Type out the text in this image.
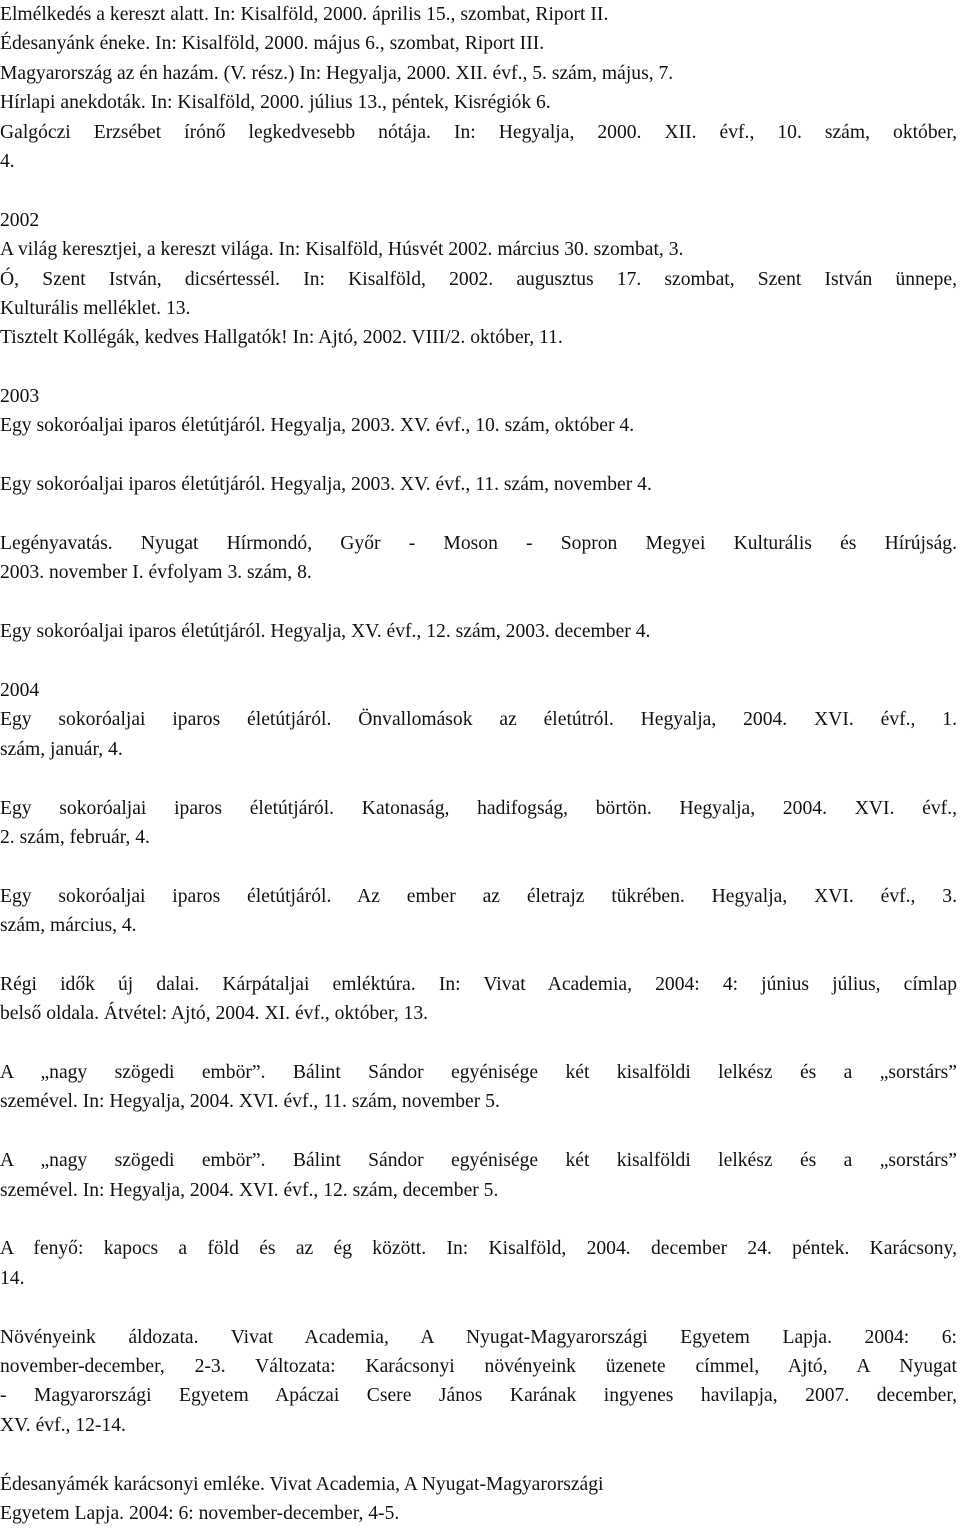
Elmélkedés a kereszt alatt. In: Kisalföld, 2000. április 15., szombat, Riport II.
Édesanyánk éneke. In: Kisalföld, 2000. május 6., szombat, Riport III.
Magyarország az én hazám. (V. rész.) In: Hegyalja, 2000. XII. évf., 5. szám, május, 7.
Hírlapi anekdoták. In: Kisalföld, 2000. július 13., péntek, Kisrégiók 6.
Galgóczi Erzsébet írónő legkedvesebb nótája. In: Hegyalja, 2000. XII. évf., 10. szám, október,
4.
2002
A világ keresztjei, a kereszt világa. In: Kisalföld, Húsvét 2002. március 30. szombat, 3.
Ó, Szent István, dicsértessél. In: Kisalföld, 2002. augusztus 17. szombat, Szent István ünnepe,
Kulturális melléklet. 13.
Tisztelt Kollégák, kedves Hallgatók! In: Ajtó, 2002. VIII/2. október, 11.
2003
Egy sokoróaljai iparos életútjáról. Hegyalja, 2003. XV. évf., 10. szám, október 4.
Egy sokoróaljai iparos életútjáról. Hegyalja, 2003. XV. évf., 11. szám, november 4.
Legényavatás. Nyugat Hírmondó, Győr - Moson - Sopron Megyei Kulturális és Hírújság.
2003. november I. évfolyam 3. szám, 8.
Egy sokoróaljai iparos életútjáról. Hegyalja, XV. évf., 12. szám, 2003. december 4.
2004
Egy sokoróaljai iparos életútjáról. Önvallomások az életútról. Hegyalja, 2004. XVI. évf., 1.
szám, január, 4.
Egy sokoróaljai iparos életútjáról. Katonaság, hadifogság, börtön. Hegyalja, 2004. XVI. évf.,
2. szám, február, 4.
Egy sokoróaljai iparos életútjáról. Az ember az életrajz tükrében. Hegyalja, XVI. évf., 3.
szám, március, 4.
Régi idők új dalai. Kárpátaljai emléktúra. In: Vivat Academia, 2004: 4: június július, címlap
belső oldala. Átvétel: Ajtó, 2004. XI. évf., október, 13.
A „nagy szögedi embör”. Bálint Sándor egyénisége két kisalföldi lelkész és a „sorstárs”
szemével. In: Hegyalja, 2004. XVI. évf., 11. szám, november 5.
A „nagy szögedi embör”. Bálint Sándor egyénisége két kisalföldi lelkész és a „sorstárs”
szemével. In: Hegyalja, 2004. XVI. évf., 12. szám, december 5.
A fenyő: kapocs a föld és az ég között. In: Kisalföld, 2004. december 24. péntek. Karácsony,
14.
Növényeink áldozata. Vivat Academia, A Nyugat-Magyarországi Egyetem Lapja. 2004: 6:
november-december, 2-3. Változata: Karácsonyi növényeink üzenete címmel, Ajtó, A Nyugat
- Magyarországi Egyetem Apáczai Csere János Karának ingyenes havilapja, 2007. december,
XV. évf., 12-14.
Édesanyámék karácsonyi emléke. Vivat Academia, A Nyugat-Magyarországi
Egyetem Lapja. 2004: 6: november-december, 4-5.
